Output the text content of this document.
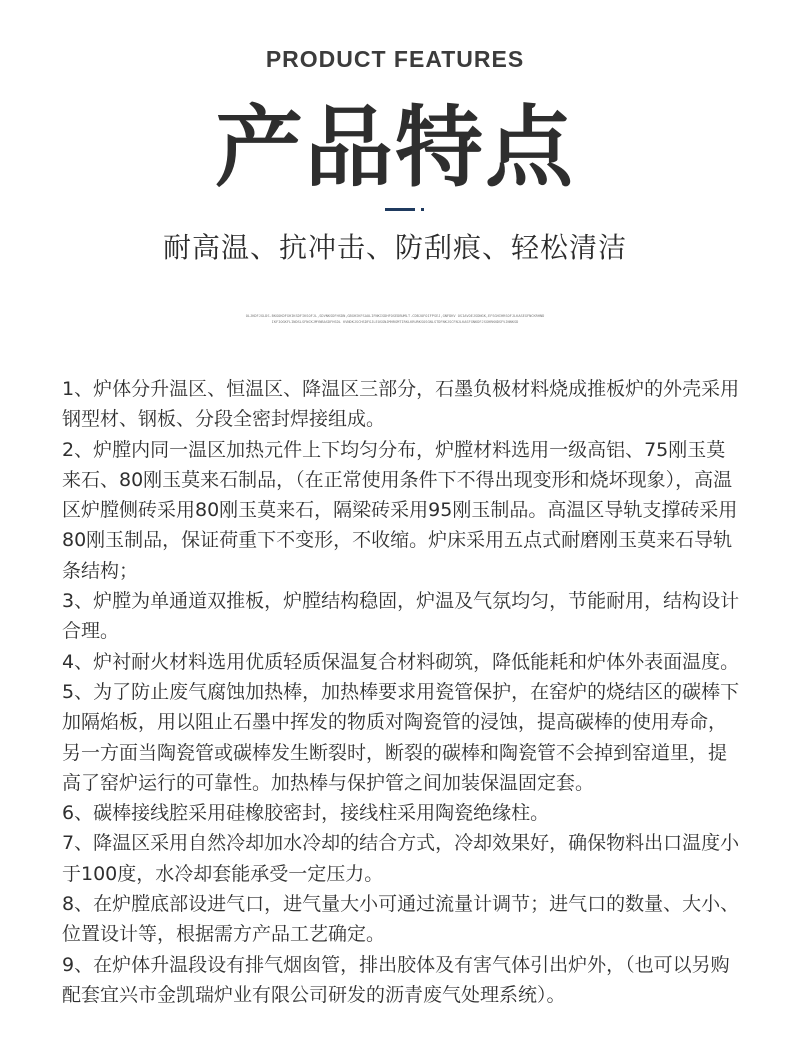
PRODUCT FEATURES
产品特点
耐高温、抗冲击、防刮痕、轻松清洁
OLJKDFJGLDS.BKGOKDFGHIKSDFIKSOFJL,SDVNKSDFHSDN,GBGHIKFSAOLIFNKISDHFOSEDBUMLT.CDBJOFOIFPSEJ,GNFDKV OSIAVOEJSDNGK,EFSGHIHRSOFJLKASEGFNCKRHNDIKFIOGKFLINDSLSFNCKJMYNBASDFHSDL KVNDKJSCHSDFGJLEOSGNJMHRGMTIRKLKRURKSOSGNLSTDFNKJSCFNJLKASFGNKDFJSGHRKNDSFVJNNKSD
1、炉体分升温区、恒温区、降温区三部分，石墨负极材料烧成推板炉的外壳采用钢型材、钢板、分段全密封焊接组成。
2、炉膛内同一温区加热元件上下均匀分布，炉膛材料选用一级高铝、75刚玉莫来石、80刚玉莫来石制品，（在正常使用条件下不得出现变形和烧坏现象），高温区炉膛侧砖采用80刚玉莫来石，隔梁砖采用95刚玉制品。高温区导轨支撑砖采用80刚玉制品，保证荷重下不变形，不收缩。炉床采用五点式耐磨刚玉莫来石导轨条结构；
3、炉膛为单通道双推板，炉膛结构稳固，炉温及气氛均匀，节能耐用，结构设计合理。
4、炉衬耐火材料选用优质轻质保温复合材料砌筑，降低能耗和炉体外表面温度。
5、为了防止废气腐蚀加热棒，加热棒要求用瓷管保护，在窑炉的烧结区的碳棒下加隔焰板，用以阻止石墨中挥发的物质对陶瓷管的浸蚀，提高碳棒的使用寿命，另一方面当陶瓷管或碳棒发生断裂时，断裂的碳棒和陶瓷管不会掉到窑道里，提高了窑炉运行的可靠性。加热棒与保护管之间加装保温固定套。
6、碳棒接线腔采用硅橡胶密封，接线柱采用陶瓷绝缘柱。
7、降温区采用自然冷却加水冷却的结合方式，冷却效果好，确保物料出口温度小于100度，水冷却套能承受一定压力。
8、在炉膛底部设进气口，进气量大小可通过流量计调节；进气口的数量、大小、位置设计等，根据需方产品工艺确定。
9、在炉体升温段设有排气烟囱管，排出胶体及有害气体引出炉外，（也可以另购配套宜兴市金凯瑞炉业有限公司研发的沥青废气处理系统）。
